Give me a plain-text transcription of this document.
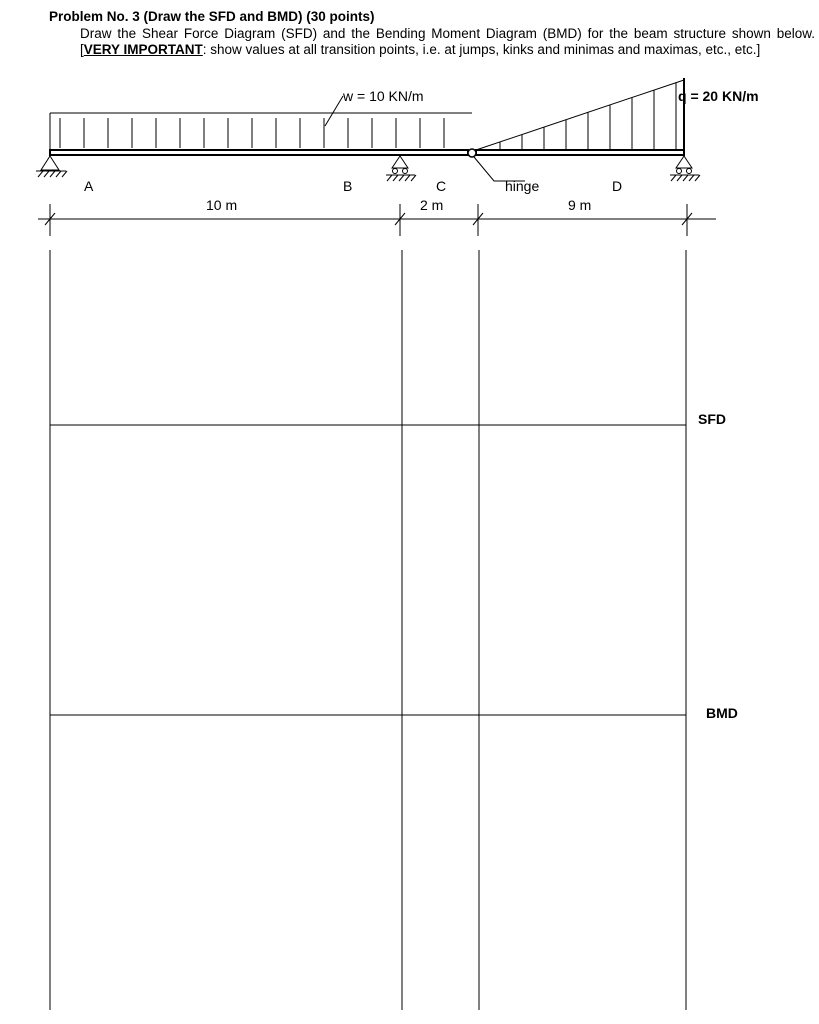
Problem No. 3 (Draw the SFD and BMD) (30 points)
Draw the Shear Force Diagram (SFD) and the Bending Moment Diagram (BMD) for the beam structure shown below. [VERY IMPORTANT: show values at all transition points, i.e. at jumps, kinks and minimas and maximas, etc., etc.]
w = 10 KN/m	q = 20 KN/m
A	B	C	hinge	D
10 m	2 m	9 m
SFD
BMD
